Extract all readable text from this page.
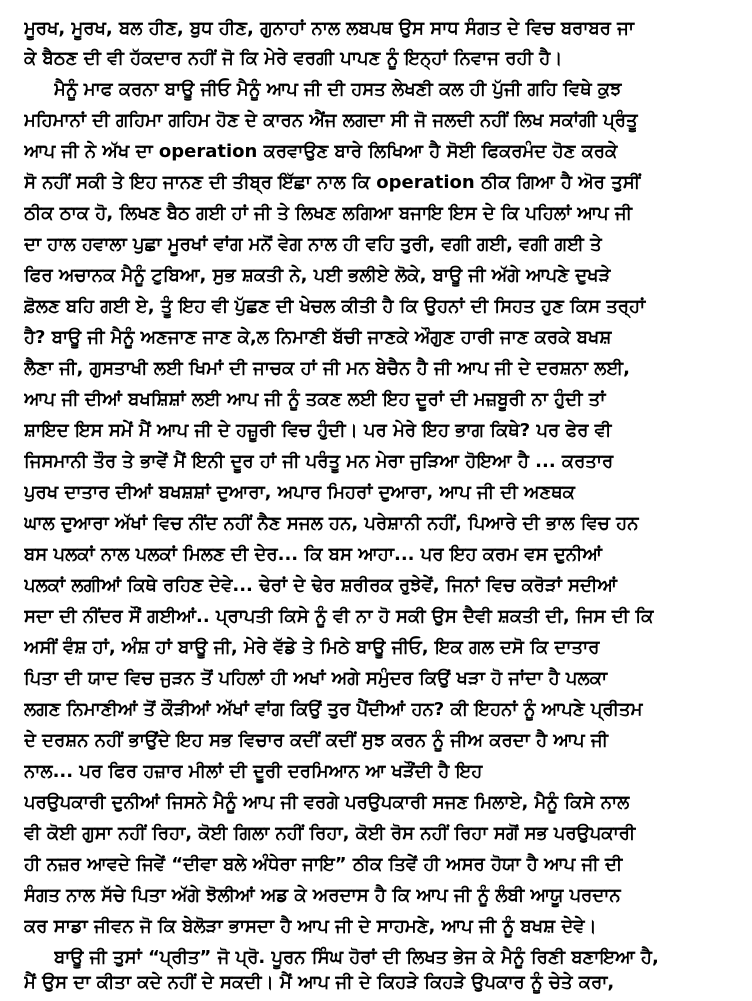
ਮੂਰਖ, ਮੂਰਖ, ਬਲ ਹੀਣ, ਬੁਧ ਹੀਣ, ਗੁਨਾਹਾਂ ਨਾਲ ਲਬਪਥ ਉਸ ਸਾਧ ਸੰਗਤ ਦੇ ਵਿਚ ਬਰਾਬਰ ਜਾ
ਕੇ ਬੈਠਣ ਦੀ ਵੀ ਹੱਕਦਾਰ ਨਹੀਂ ਜੋ ਕਿ ਮੇਰੇ ਵਰਗੀ ਪਾਪਣ ਨੂੰ ਇਨ੍ਹਾਂ ਨਿਵਾਜ ਰਹੀ ਹੈ।
ਮੈਨੂੰ ਮਾਫ ਕਰਨਾ ਬਾਊ ਜੀਓ ਮੈਨੂੰ ਆਪ ਜੀ ਦੀ ਹਸਤ ਲੇਖਣੀ ਕਲ ਹੀ ਪੁੱਜੀ ਗਹਿ ਵਿਥੇ ਕੁਝ
ਮਹਿਮਾਨਾਂ ਦੀ ਗਹਿਮਾ ਗਹਿਮ ਹੋਣ ਦੇ ਕਾਰਨ ਐਂਜ ਲਗਦਾ ਸੀ ਜੋ ਜਲਦੀ ਨਹੀਂ ਲਿਖ ਸਕਾਂਗੀ ਪ੍ਰੰਤੂ
ਆਪ ਜੀ ਨੇ ਅੱਖ ਦਾ operation ਕਰਵਾਉਣ ਬਾਰੇ ਲਿਖਿਆ ਹੈ ਸੋਈ ਫਿਕਰਮੰਦ ਹੋਣ ਕਰਕੇ
ਸੋ ਨਹੀਂ ਸਕੀ ਤੇ ਇਹ ਜਾਨਣ ਦੀ ਤੀਬ੍ਰ ਇੱਛਾ ਨਾਲ ਕਿ operation ਠੀਕ ਗਿਆ ਹੈ ਅੋਰ ਤੁਸੀਂ
ਠੀਕ ਠਾਕ ਹੋ, ਲਿਖਣ ਬੈਠ ਗਈ ਹਾਂ ਜੀ ਤੇ ਲਿਖਣ ਲਗਿਆ ਬਜਾਇ ਇਸ ਦੇ ਕਿ ਪਹਿਲਾਂ ਆਪ ਜੀ
ਦਾ ਹਾਲ ਹਵਾਲਾ ਪੁਛਾ ਮੂਰਖਾਂ ਵਾਂਗ ਮਨੋਂ ਵੇਗ ਨਾਲ ਹੀ ਵਹਿ ਤੁਰੀ, ਵਗੀ ਗਈ, ਵਗੀ ਗਈ ਤੇ
ਫਿਰ ਅਚਾਨਕ ਮੈਨੂੰ ਟੁਬਿਆ, ਸੁਭ ਸ਼ਕਤੀ ਨੇ, ਪਈ ਭਲੀਏ ਲੋਕੇ, ਬਾਊ ਜੀ ਅੱਗੇ ਆਪਣੇ ਦੁਖੜੇ
ਫ਼ੋਲਣ ਬਹਿ ਗਈ ਏ, ਤੂੰ ਇਹ ਵੀ ਪੁੱਛਣ ਦੀ ਖੇਚਲ ਕੀਤੀ ਹੈ ਕਿ ਉਹਨਾਂ ਦੀ ਸਿਹਤ ਹੁਣ ਕਿਸ ਤਰ੍ਹਾਂ
ਹੈ? ਬਾਊ ਜੀ ਮੈਨੂੰ ਅਣਜਾਣ ਜਾਣ ਕੇ,ਲ ਨਿਮਾਣੀ ਬੱਚੀ ਜਾਣਕੇ ਔਗੁਣ ਹਾਰੀ ਜਾਣ ਕਰਕੇ ਬਖਸ਼
ਲੈਣਾ ਜੀ, ਗੁਸਤਾਖੀ ਲਈ ਖਿਮਾਂ ਦੀ ਜਾਚਕ ਹਾਂ ਜੀ ਮਨ ਬੇਚੈਨ ਹੈ ਜੀ ਆਪ ਜੀ ਦੇ ਦਰਸ਼ਨਾ ਲਈ,
ਆਪ ਜੀ ਦੀਆਂ ਬਖਸ਼ਿਸ਼ਾਂ ਲਈ ਆਪ ਜੀ ਨੂੰ ਤਕਣ ਲਈ ਇਹ ਦੂਰਾਂ ਦੀ ਮਜ਼ਬੂਰੀ ਨਾ ਹੁੰਦੀ ਤਾਂ
ਸ਼ਾਇਦ ਇਸ ਸਮੇਂ ਮੈਂ ਆਪ ਜੀ ਦੇ ਹਜ਼ੂਰੀ ਵਿਚ ਹੁੰਦੀ। ਪਰ ਮੇਰੇ ਇਹ ਭਾਗ ਕਿਥੇ? ਪਰ ਫੇਰ ਵੀ
ਜਿਸਮਾਨੀ ਤੌਰ ਤੇ ਭਾਵੇਂ ਮੈਂ ਇਨੀ ਦੂਰ ਹਾਂ ਜੀ ਪਰੰਤੂ ਮਨ ਮੇਰਾ ਜੁੜਿਆ ਹੋਇਆ ਹੈ ... ਕਰਤਾਰ
ਪੁਰਖ ਦਾਤਾਰ ਦੀਆਂ ਬਖਸ਼ਸ਼ਾਂ ਦੁਆਰਾ, ਅਪਾਰ ਮਿਹਰਾਂ ਦੁਆਰਾ, ਆਪ ਜੀ ਦੀ ਅਣਥਕ
ਘਾਲ ਦੁਆਰਾ ਅੱਖਾਂ ਵਿਚ ਨੀਂਦ ਨਹੀਂ ਨੈਣ ਸਜਲ ਹਨ, ਪਰੇਸ਼ਾਨੀ ਨਹੀਂ, ਪਿਆਰੇ ਦੀ ਭਾਲ ਵਿਚ ਹਨ
ਬਸ ਪਲਕਾਂ ਨਾਲ ਪਲਕਾਂ ਮਿਲਣ ਦੀ ਦੇਰ... ਕਿ ਬਸ ਆਹਾ... ਪਰ ਇਹ ਕਰਮ ਵਸ ਦੁਨੀਆਂ
ਪਲਕਾਂ ਲਗੀਆਂ ਕਿਥੇ ਰਹਿਣ ਦੇਵੇ... ਢੇਰਾਂ ਦੇ ਢੇਰ ਸ਼ਰੀਰਕ ਰੁਝੇਵੇਂ, ਜਿਨਾਂ ਵਿਚ ਕਰੋੜਾਂ ਸਦੀਆਂ
ਸਦਾ ਦੀ ਨੀਂਦਰ ਸੌਂ ਗਈਆਂ.. ਪ੍ਰਾਪਤੀ ਕਿਸੇ ਨੂੰ ਵੀ ਨਾ ਹੋ ਸਕੀ ਉਸ ਦੈਵੀ ਸ਼ਕਤੀ ਦੀ, ਜਿਸ ਦੀ ਕਿ
ਅਸੀਂ ਵੰਸ਼ ਹਾਂ, ਅੰਸ਼ ਹਾਂ ਬਾਊ ਜੀ, ਮੇਰੇ ਵੱਡੇ ਤੇ ਮਿਠੇ ਬਾਊ ਜੀਓ, ਇਕ ਗਲ ਦਸੋ ਕਿ ਦਾਤਾਰ
ਪਿਤਾ ਦੀ ਯਾਦ ਵਿਚ ਜੁੜਨ ਤੋਂ ਪਹਿਲਾਂ ਹੀ ਅਖਾਂ ਅਗੇ ਸਮੁੰਦਰ ਕਿਉਂ ਖੜਾ ਹੋ ਜਾਂਦਾ ਹੈ ਪਲਕਾ
ਲਗਣ ਨਿਮਾਣੀਆਂ ਤੋਂ ਕੌੜੀਆਂ ਅੱਖਾਂ ਵਾਂਗ ਕਿਉਂ ਤੁਰ ਪੈਂਦੀਆਂ ਹਨ? ਕੀ ਇਹਨਾਂ ਨੂੰ ਆਪਣੇ ਪ੍ਰੀਤਮ
ਦੇ ਦਰਸ਼ਨ ਨਹੀਂ ਭਾਉਂਦੇ ਇਹ ਸਭ ਵਿਚਾਰ ਕਦੀਂ ਕਦੀਂ ਸੁਝ ਕਰਨ ਨੂੰ ਜੀਅ ਕਰਦਾ ਹੈ ਆਪ ਜੀ
ਨਾਲ... ਪਰ ਫਿਰ ਹਜ਼ਾਰ ਮੀਲਾਂ ਦੀ ਦੂਰੀ ਦਰਮਿਆਨ ਆ ਖੜੌਂਦੀ ਹੈ ਇਹ
ਪਰਉਪਕਾਰੀ ਦੁਨੀਆਂ ਜਿਸਨੇ ਮੈਨੂੰ ਆਪ ਜੀ ਵਰਗੇ ਪਰਉਪਕਾਰੀ ਸਜਣ ਮਿਲਾਏ, ਮੈਨੂੰ ਕਿਸੇ ਨਾਲ
ਵੀ ਕੋਈ ਗੁਸਾ ਨਹੀਂ ਰਿਹਾ, ਕੋਈ ਗਿਲਾ ਨਹੀਂ ਰਿਹਾ, ਕੋਈ ਰੋਸ ਨਹੀਂ ਰਿਹਾ ਸਗੋਂ ਸਭ ਪਰਉਪਕਾਰੀ
ਹੀ ਨਜ਼ਰ ਆਵਦੇ ਜਿਵੇਂ “ਦੀਵਾ ਬਲੇ ਅੰਧੇਰਾ ਜਾਇ” ਠੀਕ ਤਿਵੇਂ ਹੀ ਅਸਰ ਹੋਯਾ ਹੈ ਆਪ ਜੀ ਦੀ
ਸੰਗਤ ਨਾਲ ਸੱਚੇ ਪਿਤਾ ਅੱਗੇ ਝੋਲੀਆਂ ਅਡ ਕੇ ਅਰਦਾਸ ਹੈ ਕਿ ਆਪ ਜੀ ਨੂੰ ਲੰਬੀ ਆਯੂ ਪਰਦਾਨ
ਕਰ ਸਾਡਾ ਜੀਵਨ ਜੋ ਕਿ ਬੇਲੋੜਾ ਭਾਸਦਾ ਹੈ ਆਪ ਜੀ ਦੇ ਸਾਹਮਣੇ, ਆਪ ਜੀ ਨੂੰ ਬਖਸ਼ ਦੇਵੇ।
ਬਾਊ ਜੀ ਤੁਸਾਂ “ਪ੍ਰੀਤ” ਜੋ ਪ੍ਰੋ. ਪੂਰਨ ਸਿੰਘ ਹੋਰਾਂ ਦੀ ਲਿਖਤ ਭੇਜ ਕੇ ਮੈਨੂੰ ਰਿਣੀ ਬਣਾਇਆ ਹੈ,
ਮੈਂ ਉਸ ਦਾ ਕੀਤਾ ਕਦੇ ਨਹੀਂ ਦੇ ਸਕਦੀ। ਮੈਂ ਆਪ ਜੀ ਦੇ ਕਿਹੜੇ ਕਿਹੜੇ ਉਪਕਾਰ ਨੂੰ ਚੇਤੇ ਕਰਾ,
